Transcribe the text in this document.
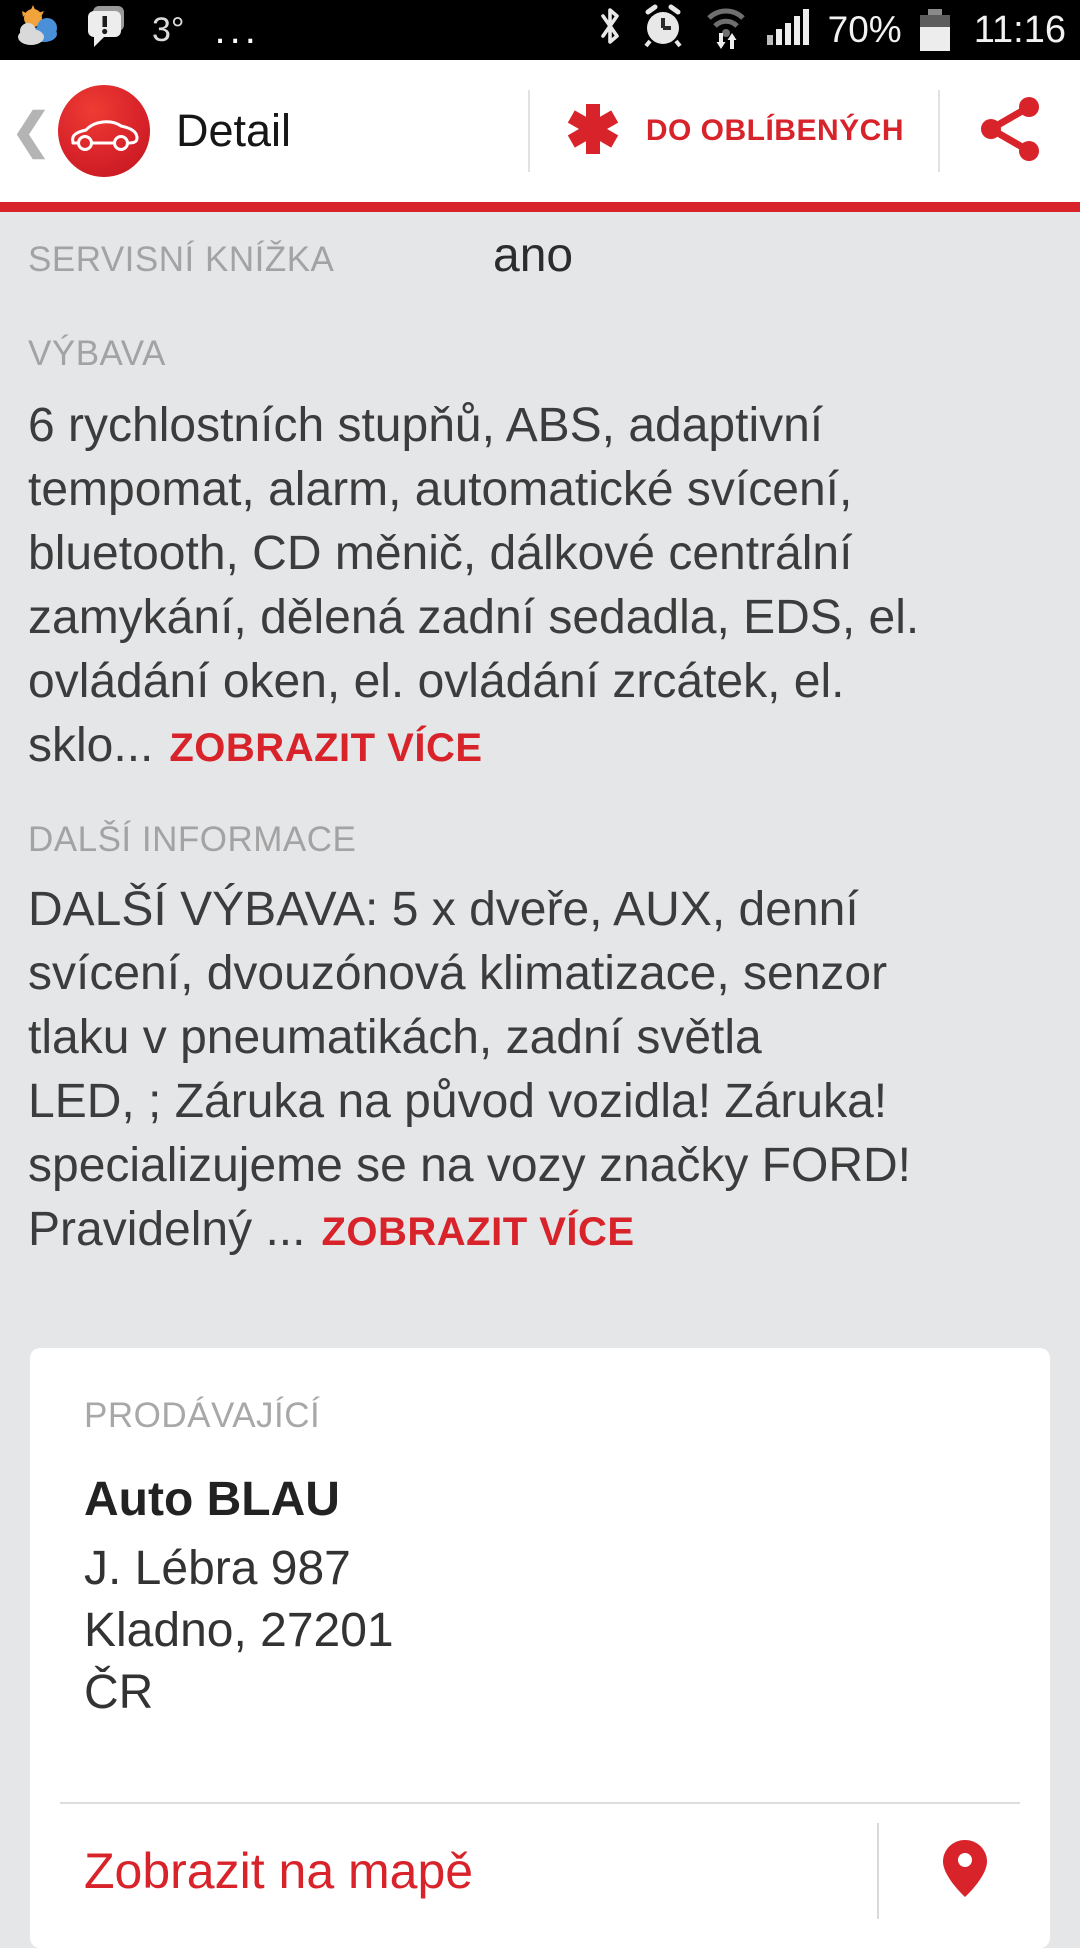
3° ...	70% 11:16
❮	Detail	DO OBLÍBENÝCH
SERVISNÍ KNÍŽKA	ano
VÝBAVA
6 rychlostních stupňů, ABS, adaptivní
tempomat, alarm, automatické svícení,
bluetooth, CD měnič, dálkové centrální
zamykání, dělená zadní sedadla, EDS, el.
ovládání oken, el. ovládání zrcátek, el.
sklo... ZOBRAZIT VÍCE
DALŠÍ INFORMACE
DALŠÍ VÝBAVA: 5 x dveře, AUX, denní
svícení, dvouzónová klimatizace, senzor
tlaku v pneumatikách, zadní světla
LED, ; Záruka na původ vozidla! Záruka!
specializujeme se na vozy značky FORD!
Pravidelný ... ZOBRAZIT VÍCE
PRODÁVAJÍCÍ
Auto BLAU
J. Lébra 987
Kladno, 27201
ČR
Zobrazit na mapě
